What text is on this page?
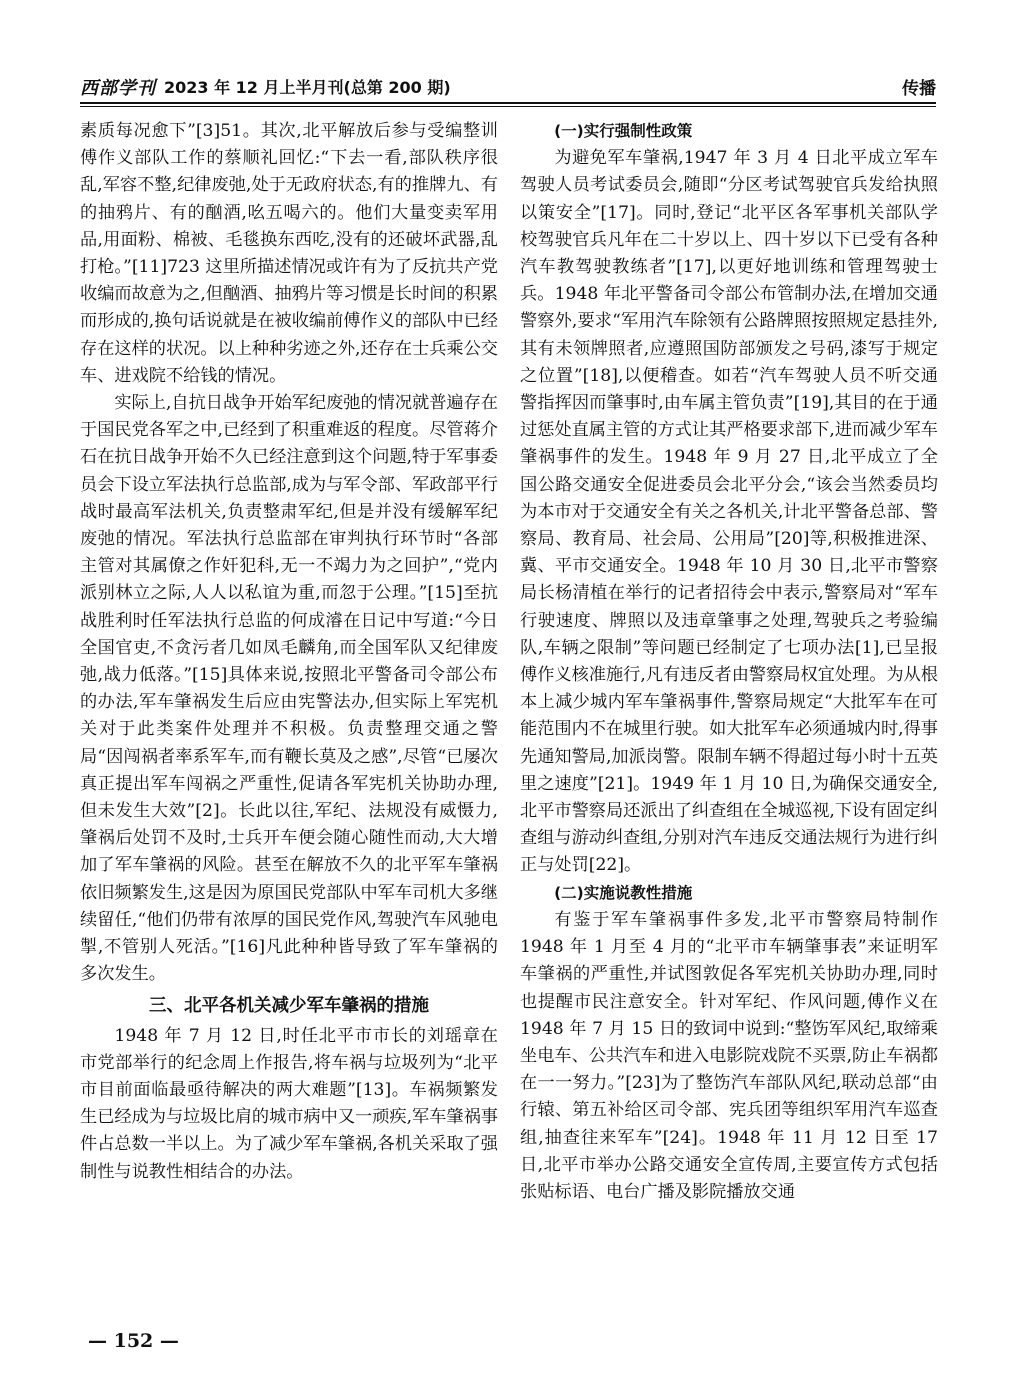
西部学刊 2023 年 12 月上半月刊(总第 200 期)	传播

素质每况愈下”[3]51。其次,北平解放后参与受编整训傅作义部队工作的蔡顺礼回忆:“下去一看,部队秩序很乱,军容不整,纪律废弛,处于无政府状态,有的推牌九、有的抽鸦片、有的酗酒,吆五喝六的。他们大量变卖军用品,用面粉、棉被、毛毯换东西吃,没有的还破坏武器,乱打枪。”[11]723 这里所描述情况或许有为了反抗共产党收编而故意为之,但酗酒、抽鸦片等习惯是长时间的积累而形成的,换句话说就是在被收编前傅作义的部队中已经存在这样的状况。以上种种劣迹之外,还存在士兵乘公交车、进戏院不给钱的情况。

实际上,自抗日战争开始军纪废弛的情况就普遍存在于国民党各军之中,已经到了积重难返的程度。尽管蒋介石在抗日战争开始不久已经注意到这个问题,特于军事委员会下设立军法执行总监部,成为与军令部、军政部平行战时最高军法机关,负责整肃军纪,但是并没有缓解军纪废弛的情况。军法执行总监部在审判执行环节时“各部主管对其属僚之作奸犯科,无一不竭力为之回护”,“党内派别林立之际,人人以私谊为重,而忽于公理。”[15]至抗战胜利时任军法执行总监的何成濬在日记中写道:“今日全国官吏,不贪污者几如凤毛麟角,而全国军队又纪律废弛,战力低落。”[15]具体来说,按照北平警备司令部公布的办法,军车肇祸发生后应由宪警法办,但实际上军宪机关对于此类案件处理并不积极。负责整理交通之警局“因闯祸者率系军车,而有鞭长莫及之感”,尽管“已屡次真正提出军车闯祸之严重性,促请各军宪机关协助办理,但未发生大效”[2]。长此以往,军纪、法规没有威慑力,肇祸后处罚不及时,士兵开车便会随心随性而动,大大增加了军车肇祸的风险。甚至在解放不久的北平军车肇祸依旧频繁发生,这是因为原国民党部队中军车司机大多继续留任,“他们仍带有浓厚的国民党作风,驾驶汽车风驰电掣,不管别人死活。”[16]凡此种种皆导致了军车肇祸的多次发生。

三、北平各机关减少军车肇祸的措施

1948 年 7 月 12 日,时任北平市市长的刘瑶章在市党部举行的纪念周上作报告,将车祸与垃圾列为“北平市目前面临最亟待解决的两大难题”[13]。车祸频繁发生已经成为与垃圾比肩的城市病中又一顽疾,军车肇祸事件占总数一半以上。为了减少军车肇祸,各机关采取了强制性与说教性相结合的办法。

(一)实行强制性政策

为避免军车肇祸,1947 年 3 月 4 日北平成立军车驾驶人员考试委员会,随即“分区考试驾驶官兵发给执照以策安全”[17]。同时,登记“北平区各军事机关部队学校驾驶官兵凡年在二十岁以上、四十岁以下已受有各种汽车教驾驶教练者”[17],以更好地训练和管理驾驶士兵。1948 年北平警备司令部公布管制办法,在增加交通警察外,要求“军用汽车除领有公路牌照按照规定悬挂外,其有未领牌照者,应遵照国防部颁发之号码,漆写于规定之位置”[18],以便稽查。如若“汽车驾驶人员不听交通警指挥因而肇事时,由车属主管负责”[19],其目的在于通过惩处直属主管的方式让其严格要求部下,进而减少军车肇祸事件的发生。1948 年 9 月 27 日,北平成立了全国公路交通安全促进委员会北平分会,“该会当然委员均为本市对于交通安全有关之各机关,计北平警备总部、警察局、教育局、社会局、公用局”[20]等,积极推进深、冀、平市交通安全。1948 年 10 月 30 日,北平市警察局长杨清植在举行的记者招待会中表示,警察局对“军车行驶速度、牌照以及违章肇事之处理,驾驶兵之考验编队,车辆之限制”等问题已经制定了七项办法[1],已呈报傅作义核准施行,凡有违反者由警察局权宜处理。为从根本上减少城内军车肇祸事件,警察局规定“大批军车在可能范围内不在城里行驶。如大批军车必须通城内时,得事先通知警局,加派岗警。限制车辆不得超过每小时十五英里之速度”[21]。1949 年 1 月 10 日,为确保交通安全,北平市警察局还派出了纠查组在全城巡视,下设有固定纠查组与游动纠查组,分别对汽车违反交通法规行为进行纠正与处罚[22]。

(二)实施说教性措施

有鉴于军车肇祸事件多发,北平市警察局特制作 1948 年 1 月至 4 月的“北平市车辆肇事表”来证明军车肇祸的严重性,并试图敦促各军宪机关协助办理,同时也提醒市民注意安全。针对军纪、作风问题,傅作义在 1948 年 7 月 15 日的致词中说到:“整饬军风纪,取缔乘坐电车、公共汽车和进入电影院戏院不买票,防止车祸都在一一努力。”[23]为了整饬汽车部队风纪,联动总部“由行辕、第五补给区司令部、宪兵团等组织军用汽车巡查组,抽查往来军车”[24]。1948 年 11 月 12 日至 17 日,北平市举办公路交通安全宣传周,主要宣传方式包括张贴标语、电台广播及影院播放交通

— 152 —
